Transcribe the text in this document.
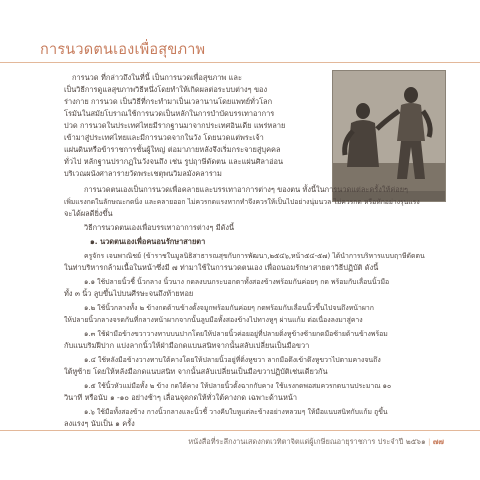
การนวดตนเองเพื่อสุขภาพ
การนวด ที่กล่าวถึงในที่นี้ เป็นการนวดเพื่อสุขภาพ และ
เป็นวิธีการดูแลสุขภาพวิธีหนึ่งโดยทำให้เกิดผลต่อระบบต่างๆ ของ
ร่างกาย การนวด เป็นวิธีที่กระทำมาเป็นเวลานานโดยแพทย์ทั่วโลก
โรมันในสมัยโบราณใช้การนวดเป็นหลักในการบำบัดบรรเทาอาการ
ปวด การนวดในประเทศไทยมีรากฐานมาจากประเทศอินเดีย แพร่หลาย
เข้ามาสู่ประเทศไทยและมีการนวดจากในวัง โดยนวดแต่พระเจ้า
แผ่นดินหรือข้าราชการชั้นผู้ใหญ่ ต่อมาภายหลังจึงเริ่มกระจายสู่บุคคล
ทั่วไป หลักฐานปรากฏในวังจนถึง เช่น รูปฤาษีดัดตน และแผ่นศิลาอ่อน
บริเวณผนังศาลารายวัดพระเชตุพนวิมลมังคลาราม
การนวดตนเองเป็นการนวดเพื่อคลายและบรรเทาอาการต่างๆ ของตน ทั้งนี้ในการนวดแต่ละครั้งให้ค่อยๆ
เพิ่มแรงกดในลักษณะกดนิ่ง และคลายออก ไม่ควรกดแรงหากทำจึงควรให้เป็นไปอย่างนุ่มนวล ไม่ควรกด หรือหักอย่างรุนแรง
จะได้ผลดียิ่งขึ้น
วิธีการนวดตนเองเพื่อบรรเทาอาการต่างๆ มีดังนี้
๑. นวดตนเองเพื่อคนอนรักษาสายตา
ครูจักร เจนพาณิชย์ (ข้าราชในมูลนิธิสาธารณสุขกับการพัฒนา,๒๕๔๖,หน้า๕๔-๕๗) ได้นำการบริหารแบบฤาษีดัดตน
ในท่าบริหารกล้ามเนื้อในหน้าซึ่งมี ๗ ท่ามาใช้ในการนวดตนเอง เพื่อถนอมรักษาสายตาวิธีปฏิบัติ ดังนี้
๑.๑ ใช้ปลายนิ้วชี้ นิ้วกลาง นิ้วนาง กดลงบนกระบอกตาทั้งสองข้างพร้อมกันค่อยๆ กด พร้อมกับเลื่อนนิ้วมือ
ทั้ง ๓ นิ้ว ลูบขึ้นไปบนศีรษะจนถึงท้ายทอย
๑.๒ ใช้นิ้วกลางทั้ง ๒ ข้างกดด้านข้างดั้งจมูกพร้อมกันค่อยๆ กดพร้อมกับเลื่อนนิ้วขึ้นไปจนถึงหน้าผาก
ให้ปลายนิ้วกลางจรดกันที่กลางหน้าผากจากนั้นลูบมือทั้งสองข้างไปทางหูๆ ผ่านแก้ม ต่อเนื่องลงมาสู่คาง
๑.๓ ใช้ฝ่ามือข้างขวาวางทาบบนปากโดยให้ปลายนิ้วค่อยอยู่ที่ปลายติ่งหูข้างซ้ายกดมือซ้ายด้านข้างพร้อม
กับแนบริมฝีปาก แบ่งลากนิ้วให้ฝ่ามือกดแบนสนิทจากนั้นสลับเปลี่ยนเป็นมือขวา
๑.๔ ใช้หลังมือข้างวางทาบใต้คางโดยให้ปลายนิ้วอยู่ที่ติ่งหูขวา ลากมือดึงเข้าดึงหูขวาไปตามคางจนถึง
ใต้หูซ้าย โดยให้หลังมือกดแนบสนิท จากนั้นสลับเปลี่ยนเป็นมือขวาปฏิบัติเช่นเดียวกัน
๑.๕ ใช้นิ้วหัวแม่มือทั้ง ๒ ข้าง กดใต้คาง ให้ปลายนิ้วตั้งฉากกับคาง ใช้แรงกดพอสมควรกดนานประมาณ ๑๐
วินาที หรือนับ ๑ -๑๐ อย่างช้าๆ เลื่อนจุดกดให้ทั่วใต้คางกด เฉพาะด้านหน้า
๑.๖ ใช้มือทั้งสองข้าง กางนิ้วกลางและนิ้วชี้ วางคีบใบหูแต่ละข้างอย่างหลวมๆ ให้มือแนบสนิทกับแก้ม ถูขึ้น
ลงแรงๆ นับเป็น ๑ ครั้ง
หนังสือที่ระลึกงานเสดงกตเวทิตาจิตแด่ผู้เกษียณอายุราชการ ประจำปี ๒๕๖๑ | ๗๗
